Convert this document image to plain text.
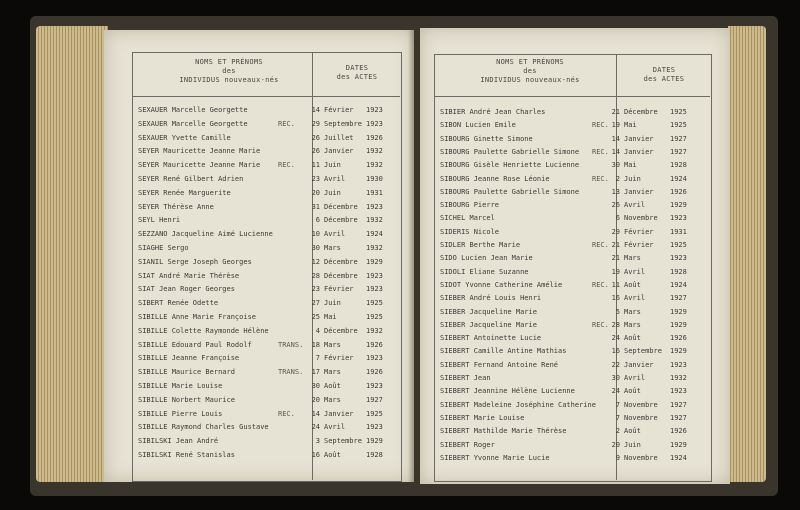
NOMS ET PRÉNOMS
des
INDIVIDUS nouveaux-nés
DATES
des ACTES
SEXAUER Marcelle Georgette	14 Février 1923
SEXAUER Marcelle Georgette	REC.	29 Septembre 1923
SEXAUER Yvette Camille	26 Juillet 1926
SEYER Mauricette Jeanne Marie	26 Janvier 1932
SEYER Mauricette Jeanne Marie	REC.	11 Juin	1932
SEYER René Gilbert Adrien	23 Avril	1930
SEYER Renée Marguerite	20 Juin	1931
SEYER Thérèse Anne	31 Décembre 1923
SEYL Henri	6 Décembre 1932
SEZZANO Jacqueline Aimé Lucienne	10 Avril	1924
SIAGHE Sergo	30 Mars	1932
SIANIL Serge Joseph Georges	12 Décembre 1929
SIAT André Marie Thérèse	28 Décembre 1923
SIAT Jean Roger Georges	23 Février 1923
SIBERT Renée Odette	27 Juin	1925
SIBILLE Anne Marie Françoise	25 Mai	1925
SIBILLE Colette Raymonde Hélène	4 Décembre 1932
SIBILLE Edouard Paul Rodolf	TRANS.	18 Mars	1926
SIBILLE Jeanne Françoise	7 Février 1923
SIBILLE Maurice Bernard	TRANS.	17 Mars	1926
SIBILLE Marie Louise	30 Août	1923
SIBILLE Norbert Maurice	20 Mars	1927
SIBILLE Pierre Louis	REC.	14 Janvier 1925
SIBILLE Raymond Charles Gustave	24 Avril	1923
SIBILSKI Jean André	3 Septembre 1929
SIBILSKI René Stanislas	16 Août	1928
NOMS ET PRÉNOMS
des
INDIVIDUS nouveaux-nés
DATES
des ACTES
SIBIER André Jean Charles	21 Décembre 1925
SIBON Lucien Emile	REC. 19 Mai	1925
SIBOURG Ginette Simone	14 Janvier 1927
SIBOURG Paulette Gabrielle Simone REC. 14 Janvier 1927
SIBOURG Gisèle Henriette Lucienne	30 Mai	1928
SIBOURG Jeanne Rose Léonie	REC. 2 Juin	1924
SIBOURG Paulette Gabrielle Simone	13 Janvier 1926
SIBOURG Pierre	26 Avril	1929
SICHEL Marcel	6 Novembre 1923
SIDERIS Nicole	29 Février 1931
SIDLER Berthe Marie	REC. 21 Février 1925
SIDO Lucien Jean Marie	21 Mars	1923
SIDOLI Eliane Suzanne	19 Avril	1928
SIDOT Yvonne Catherine Amélie	REC. 11 Août	1924
SIEBER André Louis Henri	16 Avril	1927
SIEBER Jacqueline Marie	5 Mars	1929
SIEBER Jacqueline Marie	REC. 28 Mars	1929
SIEBERT Antoinette Lucie	24 Août	1926
SIEBERT Camille Antine Mathias	16 Septembre 1929
SIEBERT Fernand Antoine René	22 Janvier 1923
SIEBERT Jean	30 Avril	1932
SIEBERT Jeannine Hélène Lucienne	24 Août	1923
SIEBERT Madeleine Joséphine Catherine	7 Novembre 1927
SIEBERT Marie Louise	7 Novembre 1927
SIEBERT Mathilde Marie Thérèse	2 Août	1926
SIEBERT Roger	20 Juin	1929
SIEBERT Yvonne Marie Lucie	9 Novembre 1924
